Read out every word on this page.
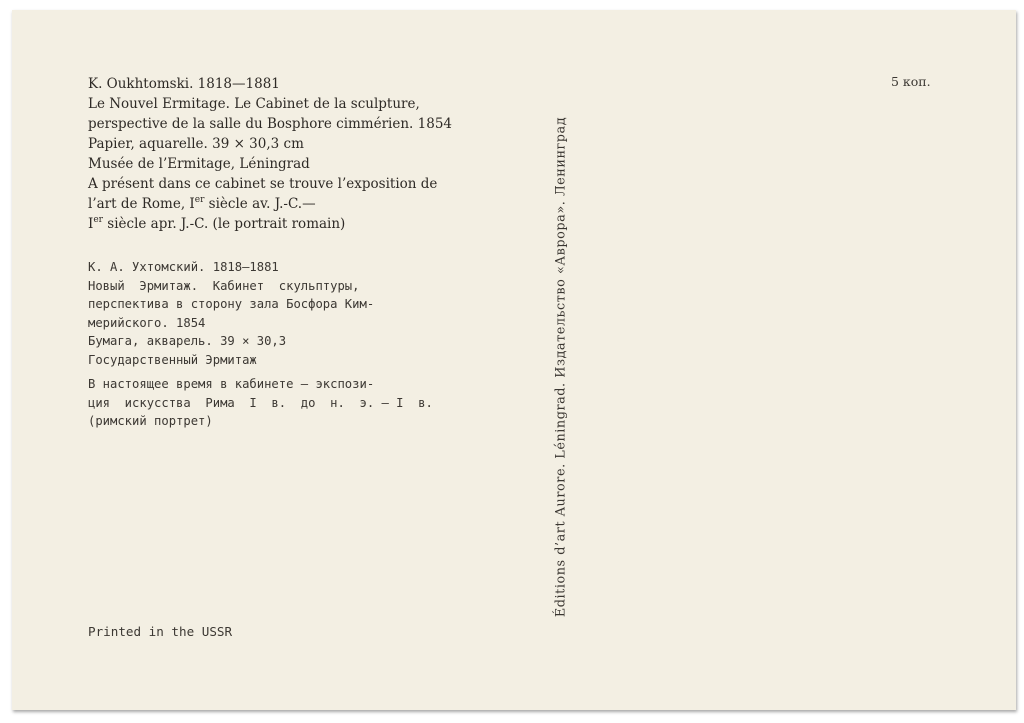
K. Oukhtomski. 1818—1881
Le Nouvel Ermitage. Le Cabinet de la sculpture,
perspective de la salle du Bosphore cimmérien. 1854
Papier, aquarelle. 39 × 30,3 cm
Musée de l’Ermitage, Léningrad
A présent dans ce cabinet se trouve l’exposition de
l’art de Rome, Ier siècle av. J.-C.—
Ier siècle apr. J.-C. (le portrait romain)
К. А. Ухтомский. 1818—1881
Новый  Эрмитаж.  Кабинет  скульптуры,
перспектива в сторону зала Босфора Ким-
мерийского. 1854
Бумага, акварель. 39 × 30,3
Государственный Эрмитаж
В настоящее время в кабинете — экспози-
ция  искусства  Рима  I  в.  до  н.  э. — I  в.
(римский портрет)
Printed in the USSR
Éditions d’art Aurore. Léningrad. Издательство «Аврора». Ленинград
5 коп.
